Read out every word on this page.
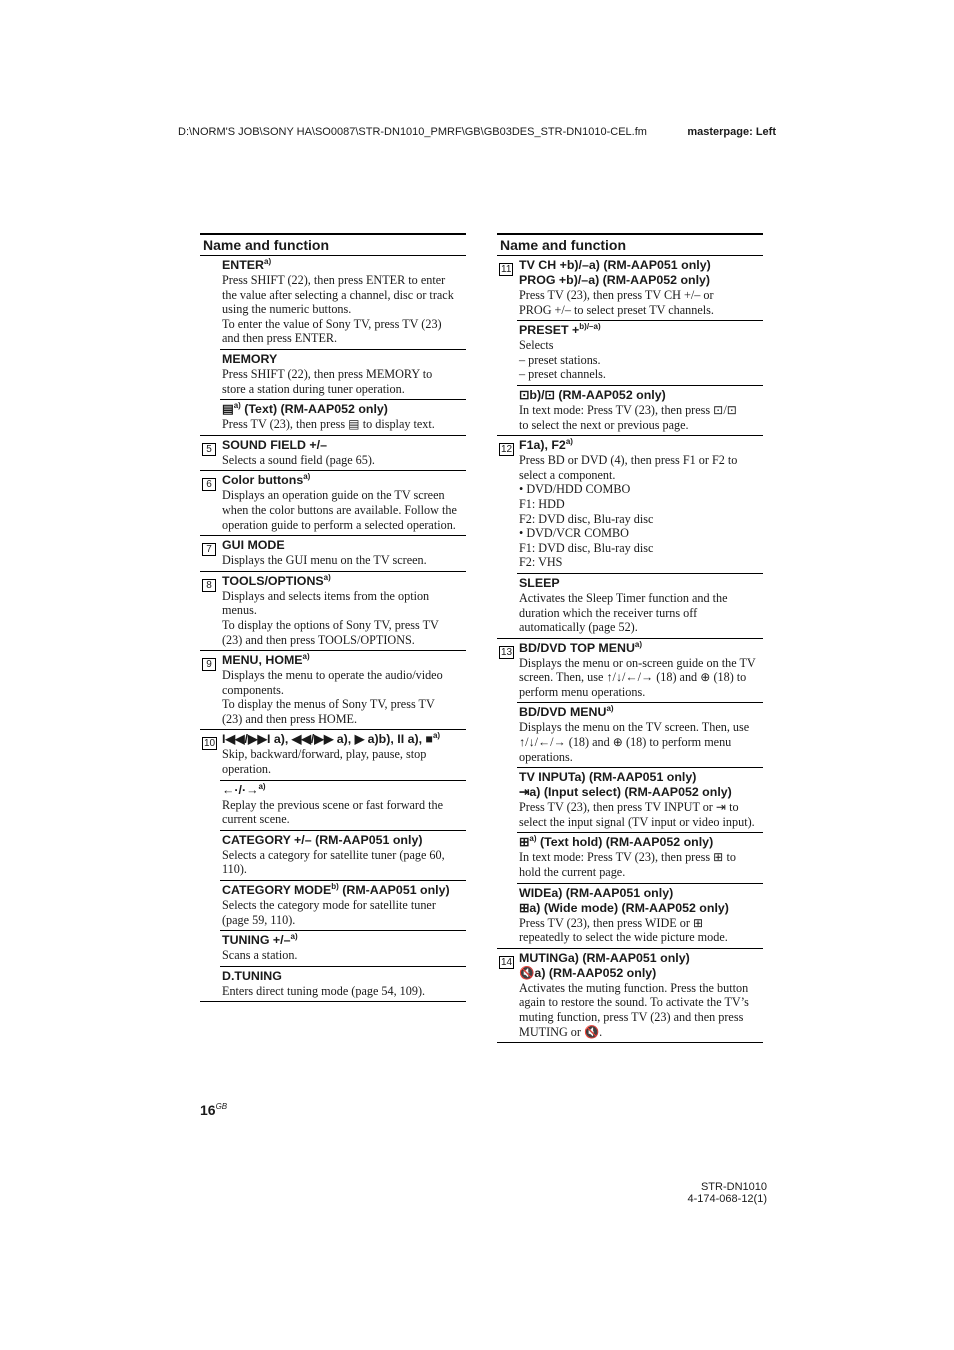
D:\NORM'S JOB\SONY HA\SO0087\STR-DN1010_PMRF\GB\GB03DES_STR-DN1010-CEL.fm	masterpage: Left
Name and function
ENTER$^{a)}$
Press SHIFT (22), then press ENTER to enter
the value after selecting a channel, disc or track
using the numeric buttons.
To enter the value of Sony TV, press TV (23)
and then press ENTER.
MEMORY
Press SHIFT (22), then press MEMORY to
store a station during tuner operation.
▤$^{a)}$ (Text) (RM-AAP052 only)
Press TV (23), then press ▤ to display text.
5 SOUND FIELD +/–
Selects a sound field (page 65).
6 Color buttons$^{a)}$
Displays an operation guide on the TV screen
when the color buttons are available. Follow the
operation guide to perform a selected operation.
7 GUI MODE
Displays the GUI menu on the TV screen.
8 TOOLS/OPTIONS$^{a)}$
Displays and selects items from the option
menus.
To display the options of Sony TV, press TV
(23) and then press TOOLS/OPTIONS.
9 MENU, HOME$^{a)}$
Displays the menu to operate the audio/video
components.
To display the menus of Sony TV, press TV
(23) and then press HOME.
10 I◀◀/▶▶I a), ◀◀/▶▶ a), ▶ a)b), II a), ■$^{a)}$
Skip, backward/forward, play, pause, stop
operation.
←·/·→$^{a)}$
Replay the previous scene or fast forward the
current scene.
CATEGORY +/– (RM-AAP051 only)
Selects a category for satellite tuner (page 60,
110).
CATEGORY MODE$^{b)}$ (RM-AAP051 only)
Selects the category mode for satellite tuner
(page 59, 110).
TUNING +/–$^{a)}$
Scans a station.
D.TUNING
Enters direct tuning mode (page 54, 109).
Name and function
11 TV CH +b)/–a) (RM-AAP051 only)
PROG +b)/–a) (RM-AAP052 only)
Press TV (23), then press TV CH +/– or
PROG +/– to select preset TV channels.
PRESET +$^{b)/-a)}$
Selects
– preset stations.
– preset channels.
⊡b)/⊡ (RM-AAP052 only)
In text mode: Press TV (23), then press ⊡/⊡
to select the next or previous page.
12 F1a), F2$^{a)}$
Press BD or DVD (4), then press F1 or F2 to
select a component.
• DVD/HDD COMBO
F1: HDD
F2: DVD disc, Blu-ray disc
• DVD/VCR COMBO
F1: DVD disc, Blu-ray disc
F2: VHS
SLEEP
Activates the Sleep Timer function and the
duration which the receiver turns off
automatically (page 52).
13 BD/DVD TOP MENU$^{a)}$
Displays the menu or on-screen guide on the TV
screen. Then, use ↑/↓/←/→ (18) and ⊕ (18) to
perform menu operations.
BD/DVD MENU$^{a)}$
Displays the menu on the TV screen. Then, use
↑/↓/←/→ (18) and ⊕ (18) to perform menu
operations.
TV INPUTa) (RM-AAP051 only)
⇥a) (Input select) (RM-AAP052 only)
Press TV (23), then press TV INPUT or ⇥ to
select the input signal (TV input or video input).
⊞$^{a)}$ (Text hold) (RM-AAP052 only)
In text mode: Press TV (23), then press ⊞ to
hold the current page.
WIDEa) (RM-AAP051 only)
⊞a) (Wide mode) (RM-AAP052 only)
Press TV (23), then press WIDE or ⊞
repeatedly to select the wide picture mode.
14 MUTINGa) (RM-AAP051 only)
🔇a) (RM-AAP052 only)
Activates the muting function. Press the button
again to restore the sound. To activate the TV’s
muting function, press TV (23) and then press
MUTING or 🔇.
$16^{GB}$
STR-DN1010
4-174-068-12(1)
